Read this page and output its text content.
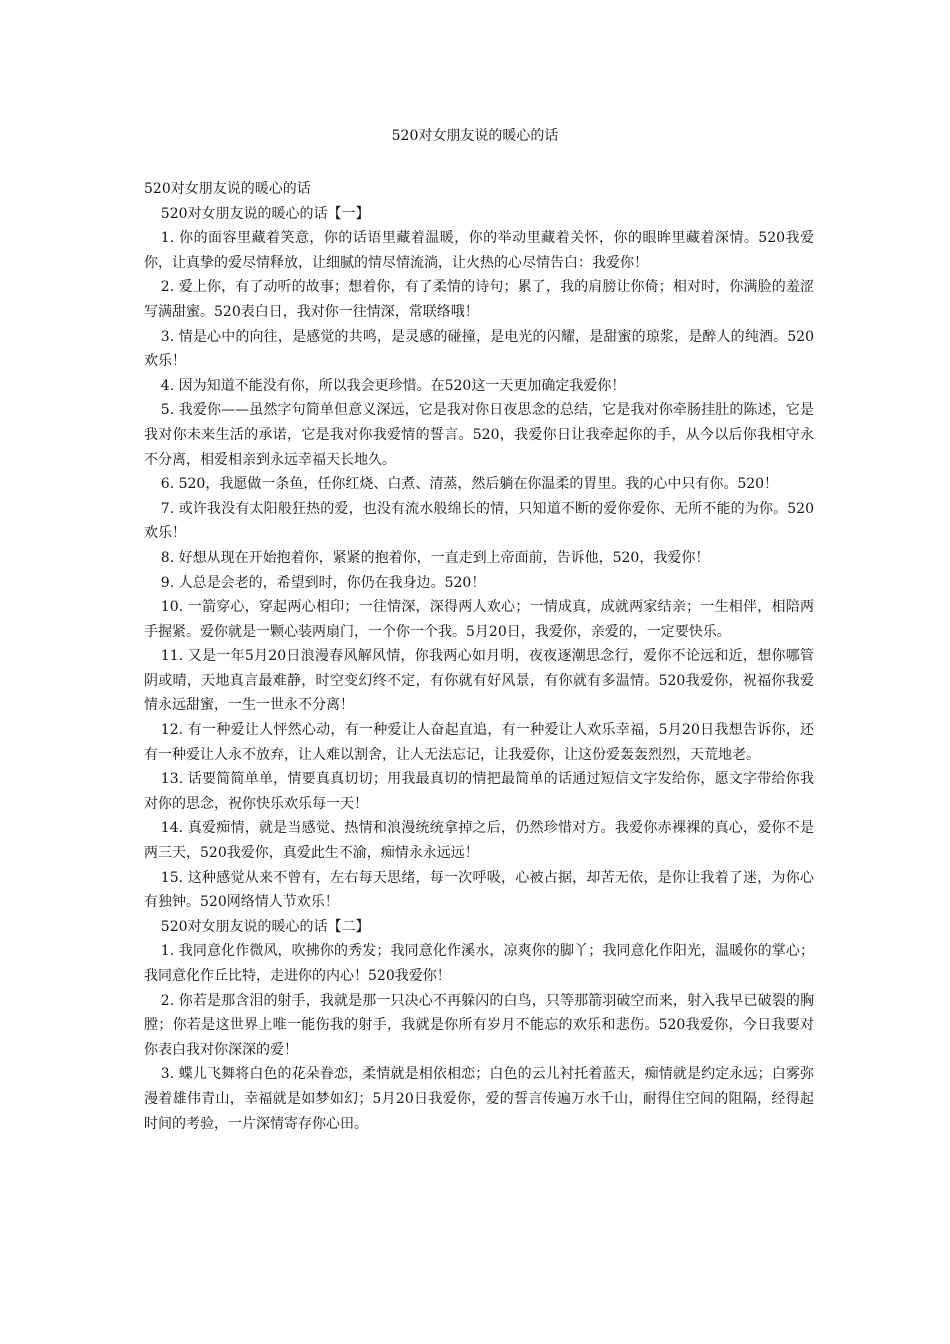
520对女朋友说的暖心的话

520对女朋友说的暖心的话

520对女朋友说的暖心的话【一】

1. 你的面容里藏着笑意，你的话语里藏着温暖，你的举动里藏着关怀，你的眼眸里藏着深情。520我爱你，让真挚的爱尽情释放，让细腻的情尽情流淌，让火热的心尽情告白：我爱你！

2. 爱上你，有了动听的故事；想着你，有了柔情的诗句；累了，我的肩膀让你倚；相对时，你满脸的羞涩写满甜蜜。520表白日，我对你一往情深，常联络哦！

3. 情是心中的向往，是感觉的共鸣，是灵感的碰撞，是电光的闪耀，是甜蜜的琼浆，是醉人的纯酒。520欢乐！

4. 因为知道不能没有你，所以我会更珍惜。在520这一天更加确定我爱你！

5. 我爱你——虽然字句简单但意义深远，它是我对你日夜思念的总结，它是我对你牵肠挂肚的陈述，它是我对你未来生活的承诺，它是我对你我爱情的誓言。520，我爱你日让我牵起你的手，从今以后你我相守永不分离，相爱相亲到永远幸福天长地久。

6. 520，我愿做一条鱼，任你红烧、白煮、清蒸，然后躺在你温柔的胃里。我的心中只有你。520！

7. 或许我没有太阳般狂热的爱，也没有流水般绵长的情，只知道不断的爱你爱你、无所不能的为你。520欢乐！

8. 好想从现在开始抱着你，紧紧的抱着你，一直走到上帝面前，告诉他，520，我爱你！

9. 人总是会老的，希望到时，你仍在我身边。520！

10. 一箭穿心，穿起两心相印；一往情深，深得两人欢心；一情成真，成就两家结亲；一生相伴，相陪两手握紧。爱你就是一颗心装两扇门，一个你一个我。5月20日，我爱你，亲爱的，一定要快乐。

11. 又是一年5月20日浪漫春风解风情，你我两心如月明，夜夜逐潮思念行，爱你不论远和近，想你哪管阴或晴，天地真言最难静，时空变幻终不定，有你就有好风景，有你就有多温情。520我爱你，祝福你我爱情永远甜蜜，一生一世永不分离！

12. 有一种爱让人怦然心动，有一种爱让人奋起直追，有一种爱让人欢乐幸福，5月20日我想告诉你，还有一种爱让人永不放弃，让人难以割舍，让人无法忘记，让我爱你，让这份爱轰轰烈烈，天荒地老。

13. 话要简简单单，情要真真切切；用我最真切的情把最简单的话通过短信文字发给你，愿文字带给你我对你的思念，祝你快乐欢乐每一天！

14. 真爱痴情，就是当感觉、热情和浪漫统统拿掉之后，仍然珍惜对方。我爱你赤裸裸的真心，爱你不是两三天，520我爱你，真爱此生不渝，痴情永永远远！

15. 这种感觉从来不曾有，左右每天思绪，每一次呼吸，心被占据，却苦无依，是你让我着了迷，为你心有独钟。520网络情人节欢乐！

520对女朋友说的暖心的话【二】

1. 我同意化作微风，吹拂你的秀发；我同意化作溪水，凉爽你的脚丫；我同意化作阳光，温暖你的掌心；我同意化作丘比特，走进你的内心！520我爱你！

2. 你若是那含泪的射手，我就是那一只决心不再躲闪的白鸟，只等那箭羽破空而来，射入我早已破裂的胸膛；你若是这世界上唯一能伤我的射手，我就是你所有岁月不能忘的欢乐和悲伤。520我爱你，今日我要对你表白我对你深深的爱！

3. 蝶儿飞舞将白色的花朵眷恋，柔情就是相依相恋；白色的云儿衬托着蓝天，痴情就是约定永远；白雾弥漫着雄伟青山，幸福就是如梦如幻；5月20日我爱你，爱的誓言传遍万水千山，耐得住空间的阻隔，经得起时间的考验，一片深情寄存你心田。
